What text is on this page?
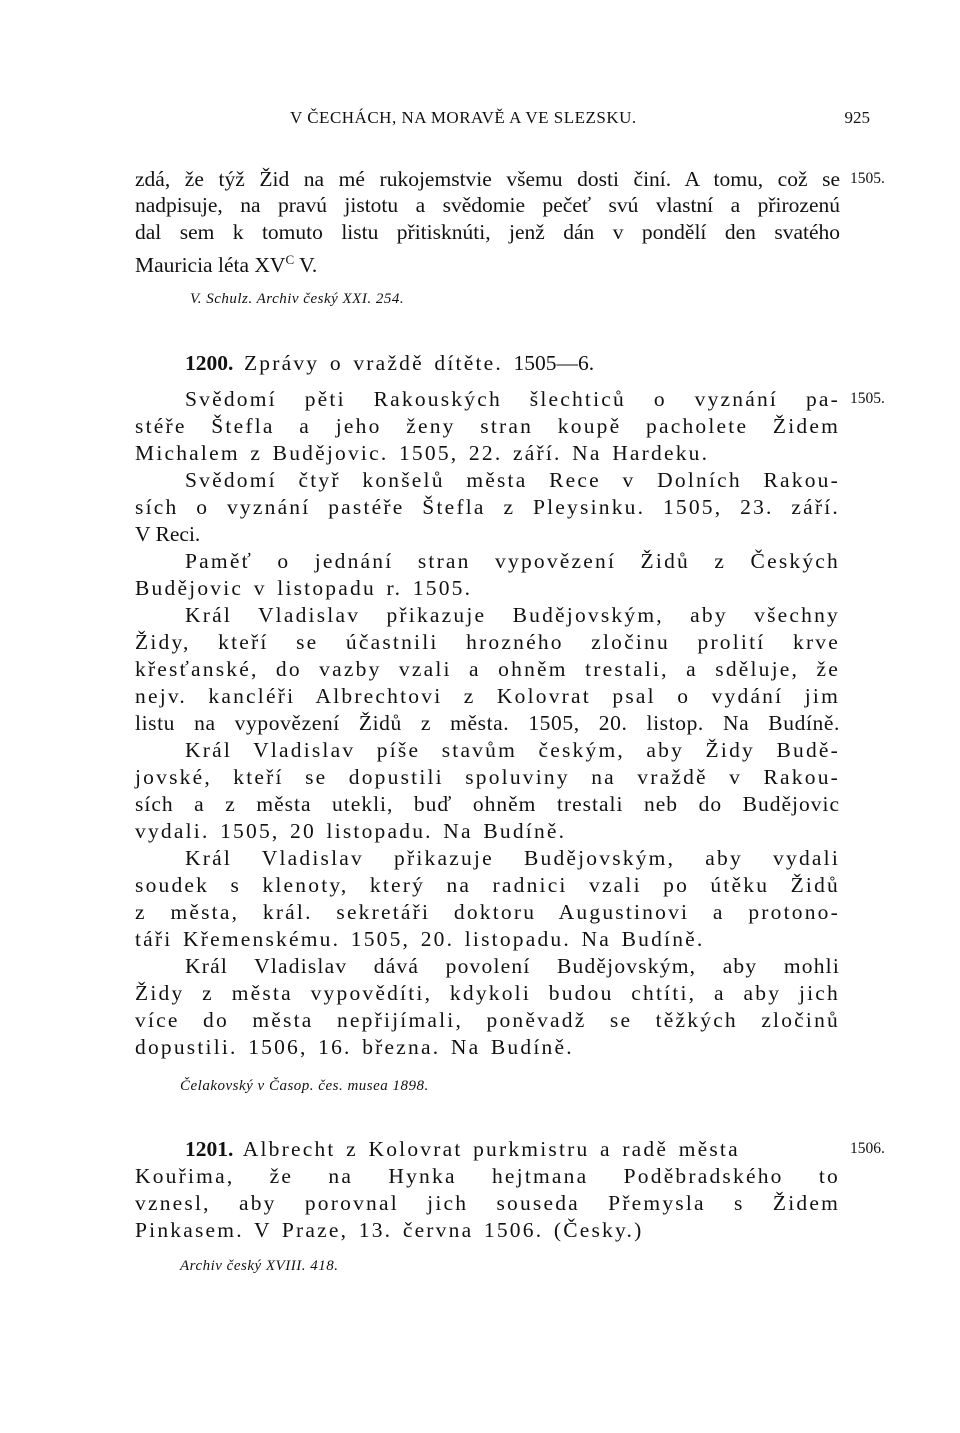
V ČECHÁCH, NA MORAVĚ A VE SLEZSKU.	925
zdá, že týž Žid na mé rukojemstvie všemu dosti činí. A tomu, což se 1505.
nadpisuje, na pravú jistotu a svědomie pečeť svú vlastní a přirozenú
dal sem k tomuto listu přitisknúti, jenž dán v pondělí den svatého
Mauricia léta $XV^C$ V.
V. Schulz. Archiv český XXI. 254.
1200. Zprávy o vraždě dítěte. 1505—6.
Svědomí pěti Rakouských šlechticů o vyznání pa- 1505.
stéře Štefla a jeho ženy stran koupě pacholete Židem
Michalem z Budějovic. 1505, 22. září. Na Hardeku.
Svědomí čtyř konšelů města Rece v Dolních Rakou-
sích o vyznání pastéře Štefla z Pleysinku. 1505, 23. září.
V Reci.
Paměť o jednání stran vypovězení Židů z Českých
Budějovic v listopadu r. 1505.
Král Vladislav přikazuje Budějovským, aby všechny
Židy, kteří se účastnili hrozného zločinu prolití krve
křesťanské, do vazby vzali a ohněm trestali, a sděluje, že
nejv. kancléři Albrechtovi z Kolovrat psal o vydání jim
listu na vypovězení Židů z města. 1505, 20. listop. Na Budíně.
Král Vladislav píše stavům českým, aby Židy Budě-
jovské, kteří se dopustili spoluviny na vraždě v Rakou-
sích a z města utekli, buď ohněm trestali neb do Budějovic
vydali. 1505, 20 listopadu. Na Budíně.
Král Vladislav přikazuje Budějovským, aby vydali
soudek s klenoty, který na radnici vzali po útěku Židů
z města, král. sekretáři doktoru Augustinovi a protono-
táři Křemenskému. 1505, 20. listopadu. Na Budíně.
Král Vladislav dává povolení Budějovským, aby mohli
Židy z města vypovědíti, kdykoli budou chtíti, a aby jich
více do města nepřijímali, poněvadž se těžkých zločinů
dopustili. 1506, 16. března. Na Budíně.
Čelakovský v Časop. čes. musea 1898.
1201. Albrecht z Kolovrat purkmistru a radě města	1506.
Kouřima, že na Hynka hejtmana Poděbradského to
vznesl, aby porovnal jich souseda Přemysla s Židem
Pinkasem. V Praze, 13. června 1506. (Česky.)
Archiv český XVIII. 418.
